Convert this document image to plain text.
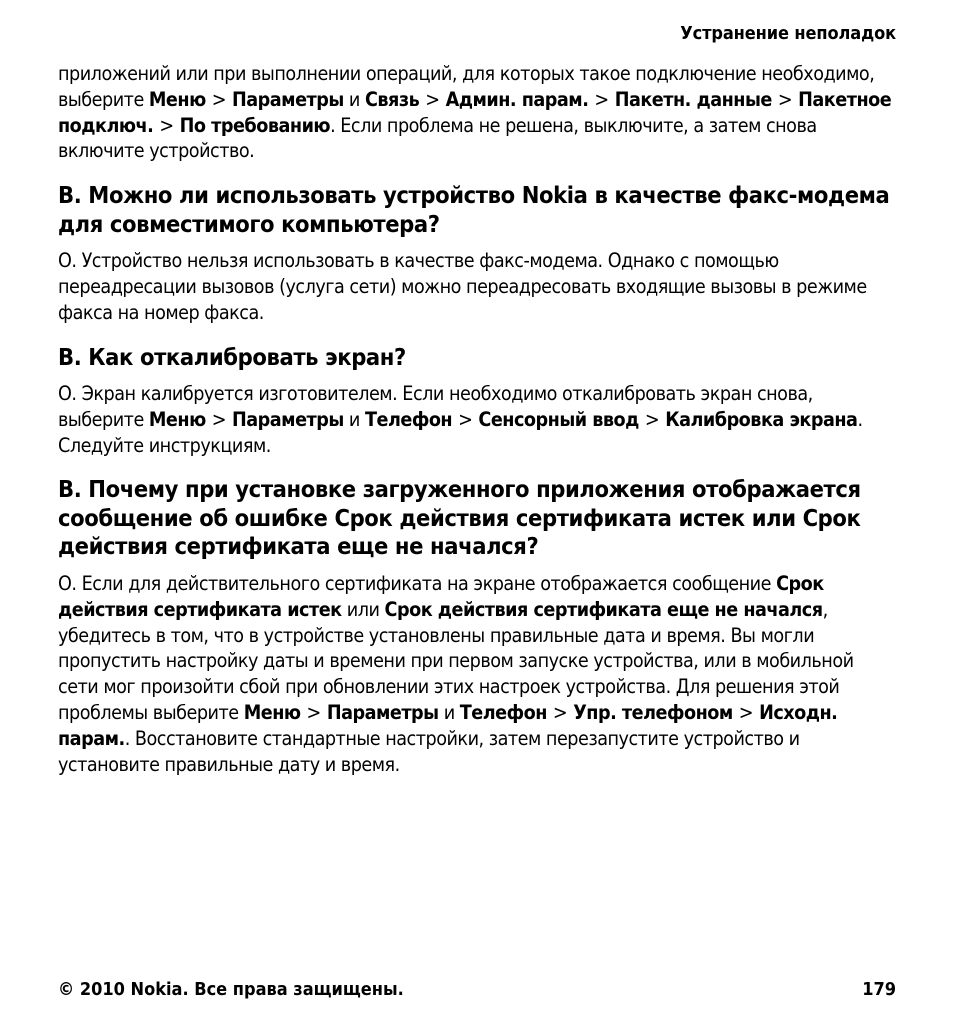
Устранение неполадок

приложений или при выполнении операций, для которых такое подключение необходимо, выберите Меню > Параметры и Связь > Админ. парам. > Пакетн. данные > Пакетное подключ. > По требованию. Если проблема не решена, выключите, а затем снова включите устройство.

В. Можно ли использовать устройство Nokia в качестве факс-модема для совместимого компьютера?

О. Устройство нельзя использовать в качестве факс-модема. Однако с помощью переадресации вызовов (услуга сети) можно переадресовать входящие вызовы в режиме факса на номер факса.

В. Как откалибровать экран?

О. Экран калибруется изготовителем. Если необходимо откалибровать экран снова, выберите Меню > Параметры и Телефон > Сенсорный ввод > Калибровка экрана. Следуйте инструкциям.

В. Почему при установке загруженного приложения отображается сообщение об ошибке Срок действия сертификата истек или Срок действия сертификата еще не начался?

О. Если для действительного сертификата на экране отображается сообщение Срок действия сертификата истек или Срок действия сертификата еще не начался, убедитесь в том, что в устройстве установлены правильные дата и время. Вы могли пропустить настройку даты и времени при первом запуске устройства, или в мобильной сети мог произойти сбой при обновлении этих настроек устройства. Для решения этой проблемы выберите Меню > Параметры и Телефон > Упр. телефоном > Исходн. парам.. Восстановите стандартные настройки, затем перезапустите устройство и установите правильные дату и время.

© 2010 Nokia. Все права защищены.	179
